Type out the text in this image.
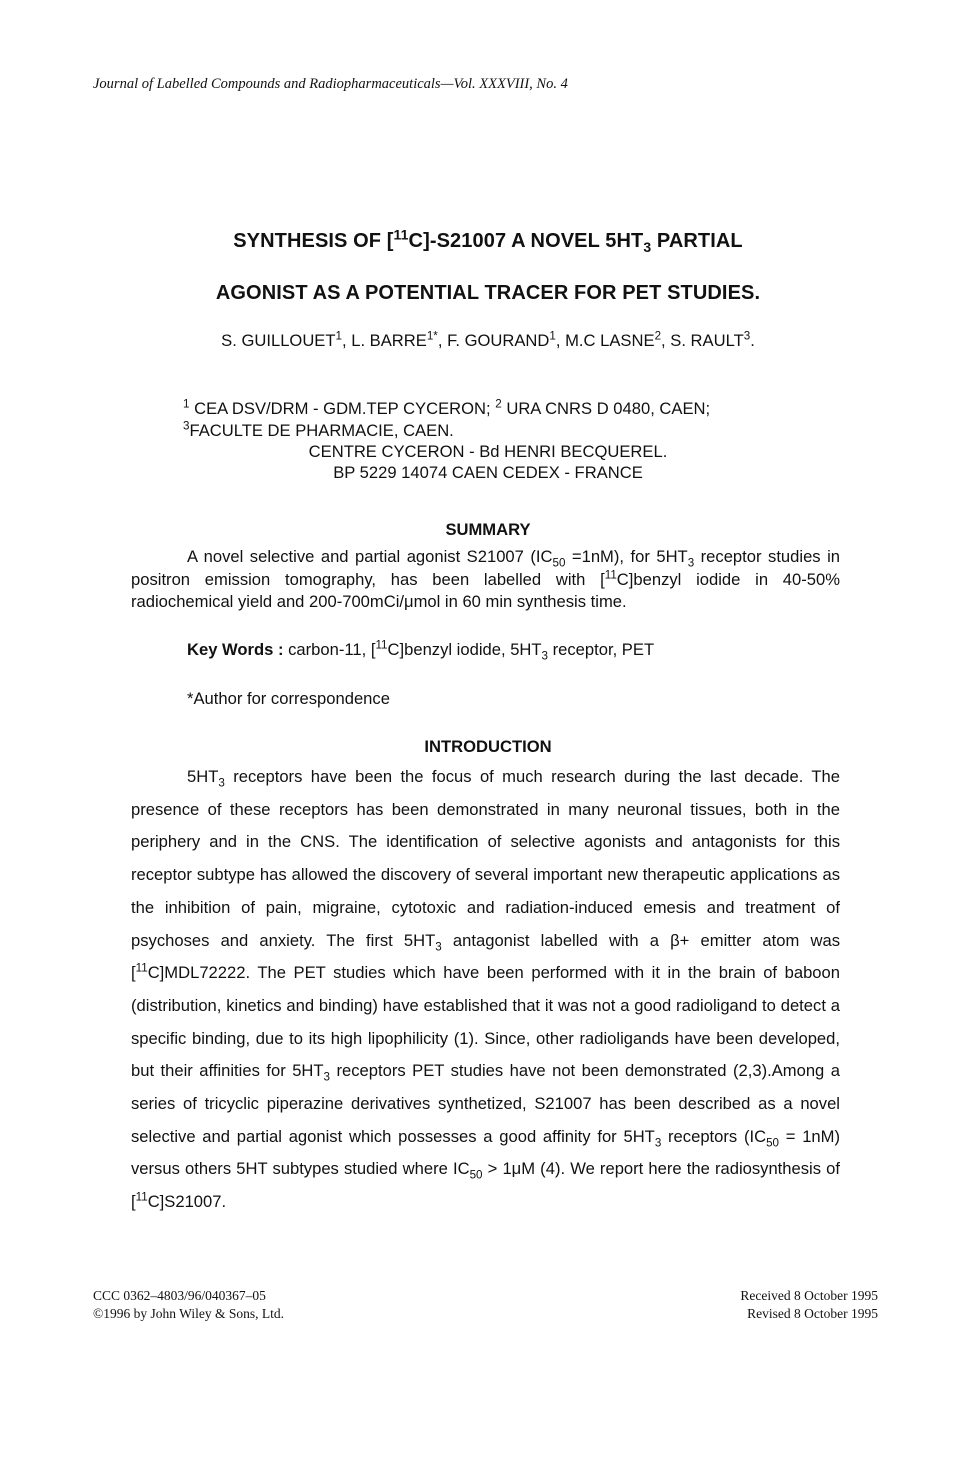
Journal of Labelled Compounds and Radiopharmaceuticals—Vol. XXXVIII, No. 4
SYNTHESIS OF [$^{11}$C]-S21007 A NOVEL $5HT_3$ PARTIAL
AGONIST AS A POTENTIAL TRACER FOR PET STUDIES.
S. GUILLOUET$^1$, L. $BARRE^{1*}$, F. GOURAND$^1$, M.C LASNE$^2$, S. RAULT$^3$.
$^1$ CEA DSV/DRM - GDM.TEP CYCERON; $^2$ URA CNRS D 0480, CAEN;
$^3$FACULTE DE PHARMACIE, CAEN.
CENTRE CYCERON - Bd HENRI BECQUEREL.
BP 5229 14074 CAEN CEDEX - FRANCE
SUMMARY

A novel selective and partial agonist S21007 $(IC_{50} =1nM)$, for $5HT_3$ receptor studies in positron emission tomography, has been labelled with [$^{11}$C]benzyl iodide in 40-50% radiochemical yield and 200-700mCi/μmol in 60 min synthesis time.

Key Words : carbon-11, [$^{11}$C]benzyl iodide, $5HT_3$ receptor, PET
*Author for correspondence
INTRODUCTION

$5HT_3$ receptors have been the focus of much research during the last decade. The presence of these receptors has been demonstrated in many neuronal tissues, both in the periphery and in the CNS. The identification of selective agonists and antagonists for this receptor subtype has allowed the discovery of several important new therapeutic applications as the inhibition of pain, migraine, cytotoxic and radiation-induced emesis and treatment of psychoses and anxiety. The first $5HT_3$ antagonist labelled with a β+ emitter atom was [$^{11}$C]MDL72222. The PET studies which have been performed with it in the brain of baboon (distribution, kinetics and binding) have established that it was not a good radioligand to detect a specific binding, due to its high lipophilicity (1). Since, other radioligands have been developed, but their affinities for $5HT_3$ receptors PET studies have not been demonstrated (2,3).Among a series of tricyclic piperazine derivatives synthetized, S21007 has been described as a novel selective and partial agonist which possesses a good affinity for $5HT_3$ receptors $(IC_{50} = 1nM)$ versus others 5HT subtypes studied where $IC_{50} > 1\mu M$ (4). We report here the radiosynthesis of [$^{11}$C]S21007.

CCC 0362–4803/96/040367–05
©1996 by John Wiley & Sons, Ltd.
Received 8 October 1995
Revised 8 October 1995
